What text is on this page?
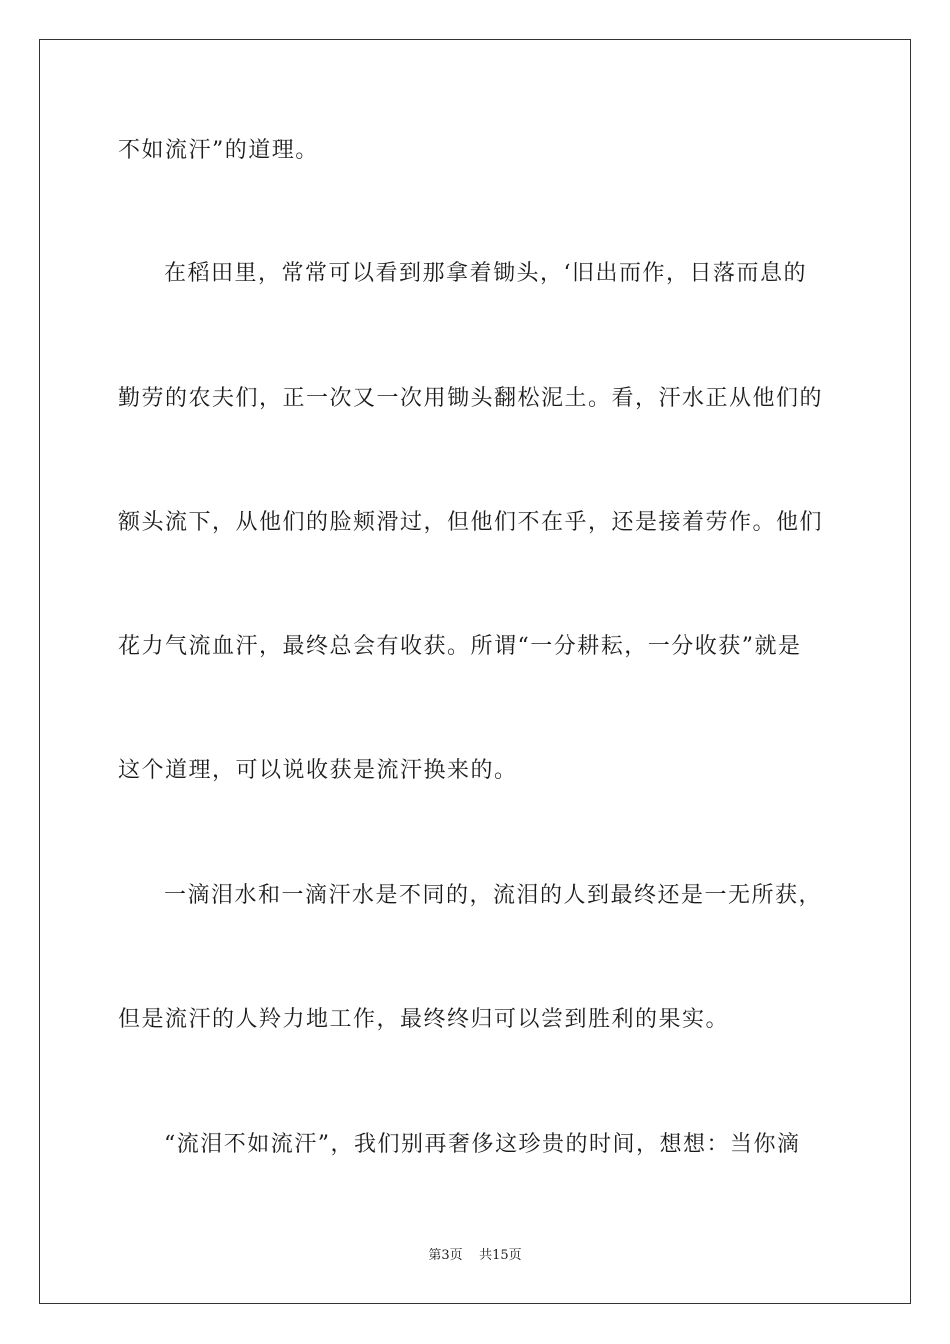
不如流汗”的道理。
在稻田里，常常可以看到那拿着锄头，‘旧出而作，日落而息的
勤劳的农夫们，正一次又一次用锄头翻松泥土。看，汗水正从他们的
额头流下，从他们的脸颊滑过，但他们不在乎，还是接着劳作。他们
花力气流血汗，最终总会有收获。所谓“一分耕耘，一分收获”就是
这个道理，可以说收获是流汗换来的。
一滴泪水和一滴汗水是不同的，流泪的人到最终还是一无所获，
但是流汗的人羚力地工作，最终终归可以尝到胜利的果实。
“流泪不如流汗”，我们别再奢侈这珍贵的时间，想想：当你滴
第3页 共15页
